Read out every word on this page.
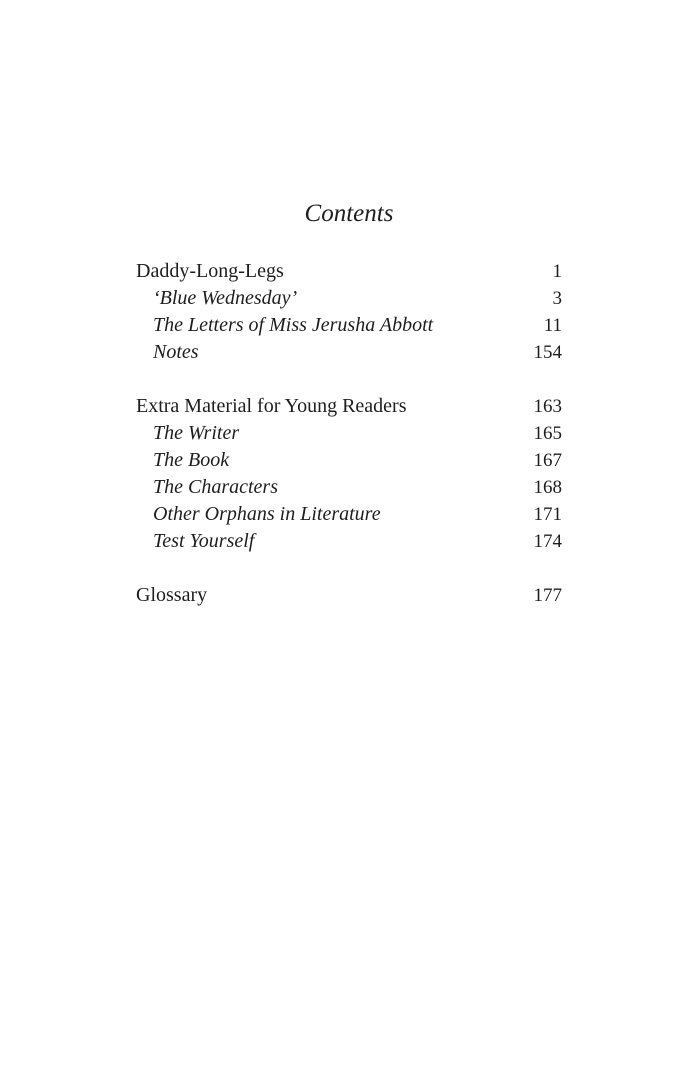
Contents
Daddy-Long-Legs	1
‘Blue Wednesday’	3
The Letters of Miss Jerusha Abbott	11
Notes	154
Extra Material for Young Readers	163
The Writer	165
The Book	167
The Characters	168
Other Orphans in Literature	171
Test Yourself	174
Glossary	177
